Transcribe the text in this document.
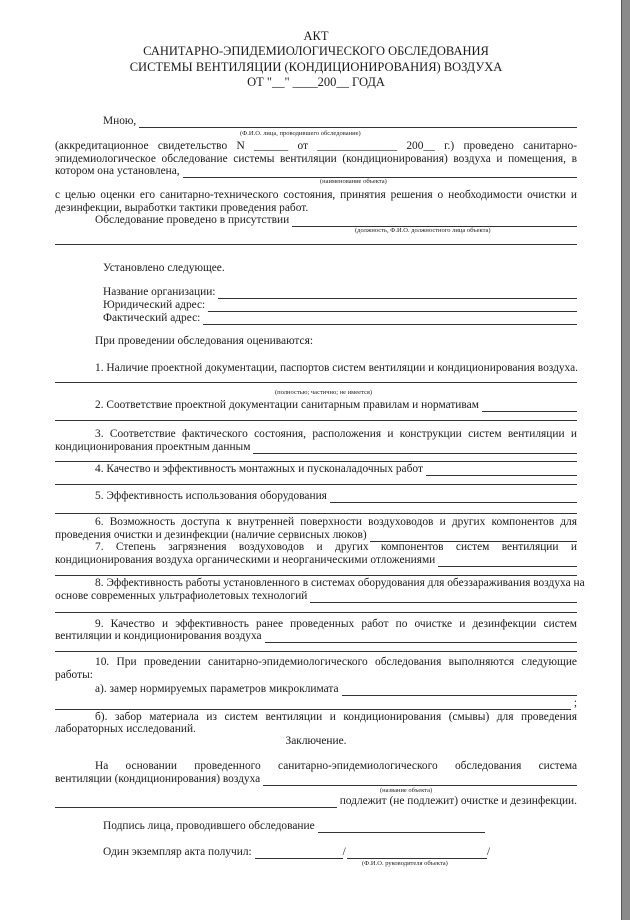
АКТ
САНИТАРНО-ЭПИДЕМИОЛОГИЧЕСКОГО ОБСЛЕДОВАНИЯ
СИСТЕМЫ ВЕНТИЛЯЦИИ (КОНДИЦИОНИРОВАНИЯ) ВОЗДУХА
ОТ "__" ____200__ ГОДА
Мною,
(Ф.И.О. лица, проводившего обследование)
(аккредитационное свидетельство N ______ от ______________ 200__ г.) проведено санитарно-
эпидемиологическое обследование системы вентиляции (кондиционирования) воздуха и помещения, в
котором она установлена,
(наименование объекта)
с целью оценки его санитарно-технического состояния, принятия решения о необходимости очистки и
дезинфекции, выработки тактики проведения работ.
Обследование проведено в присутствии
(должность, Ф.И.О. должностного лица объекта)
Установлено следующее.
Название организации:
Юридический адрес:
Фактический адрес:
При проведении обследования оцениваются:
1. Наличие проектной документации, паспортов систем вентиляции и кондиционирования воздуха.
(полностью; частично; не имеется)
2. Соответствие проектной документации санитарным правилам и нормативам
3. Соответствие фактического состояния, расположения и конструкции систем вентиляции и
кондиционирования проектным данным
4. Качество и эффективность монтажных и пусконаладочных работ
5. Эффективность использования оборудования
6. Возможность доступа к внутренней поверхности воздуховодов и других компонентов для
проведения очистки и дезинфекции (наличие сервисных люков)
7. Степень загрязнения воздуховодов и других компонентов систем вентиляции и
кондиционирования воздуха органическими и неорганическими отложениями
8. Эффективность работы установленного в системах оборудования для обеззараживания воздуха на
основе современных ультрафиолетовых технологий
9. Качество и эффективность ранее проведенных работ по очистке и дезинфекции систем
вентиляции и кондиционирования воздуха
10. При проведении санитарно-эпидемиологического обследования выполняются следующие
работы:
а). замер нормируемых параметров микроклимата
;
б). забор материала из систем вентиляции и кондиционирования (смывы) для проведения
лабораторных исследований.
Заключение.
На основании проведенного санитарно-эпидемиологического обследования система
вентиляции (кондиционирования) воздуха
(название объекта)
подлежит (не подлежит) очистке и дезинфекции.
Подпись лица, проводившего обследование
Один экземпляр акта получил:	/	/
(Ф.И.О. руководителя объекта)
